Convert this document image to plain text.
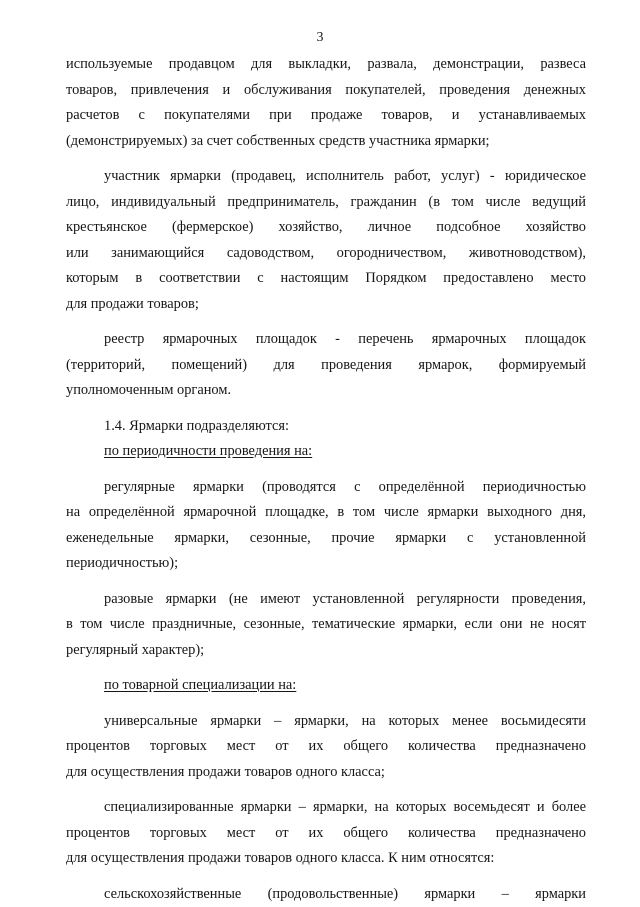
3
используемые продавцом для выкладки, развала, демонстрации, развеса
товаров, привлечения и обслуживания покупателей, проведения денежных
расчетов с покупателями при продаже товаров, и устанавливаемых
(демонстрируемых) за счет собственных средств участника ярмарки;
участник ярмарки (продавец, исполнитель работ, услуг) - юридическое
лицо, индивидуальный предприниматель, гражданин (в том числе ведущий
крестьянское (фермерское) хозяйство, личное подсобное хозяйство
или занимающийся садоводством, огородничеством, животноводством),
которым в соответствии с настоящим Порядком предоставлено место
для продажи товаров;
реестр ярмарочных площадок - перечень ярмарочных площадок
(территорий, помещений) для проведения ярмарок, формируемый
уполномоченным органом.
1.4. Ярмарки подразделяются:
по периодичности проведения на:
регулярные ярмарки (проводятся с определённой периодичностью
на определённой ярмарочной площадке, в том числе ярмарки выходного дня,
еженедельные ярмарки, сезонные, прочие ярмарки с установленной
периодичностью);
разовые ярмарки (не имеют установленной регулярности проведения,
в том числе праздничные, сезонные, тематические ярмарки, если они не носят
регулярный характер);
по товарной специализации на:
универсальные ярмарки – ярмарки, на которых менее восьмидесяти
процентов торговых мест от их общего количества предназначено
для осуществления продажи товаров одного класса;
специализированные ярмарки – ярмарки, на которых восемьдесят и более
процентов торговых мест от их общего количества предназначено
для осуществления продажи товаров одного класса. К ним относятся:
сельскохозяйственные (продовольственные) ярмарки – ярмарки
